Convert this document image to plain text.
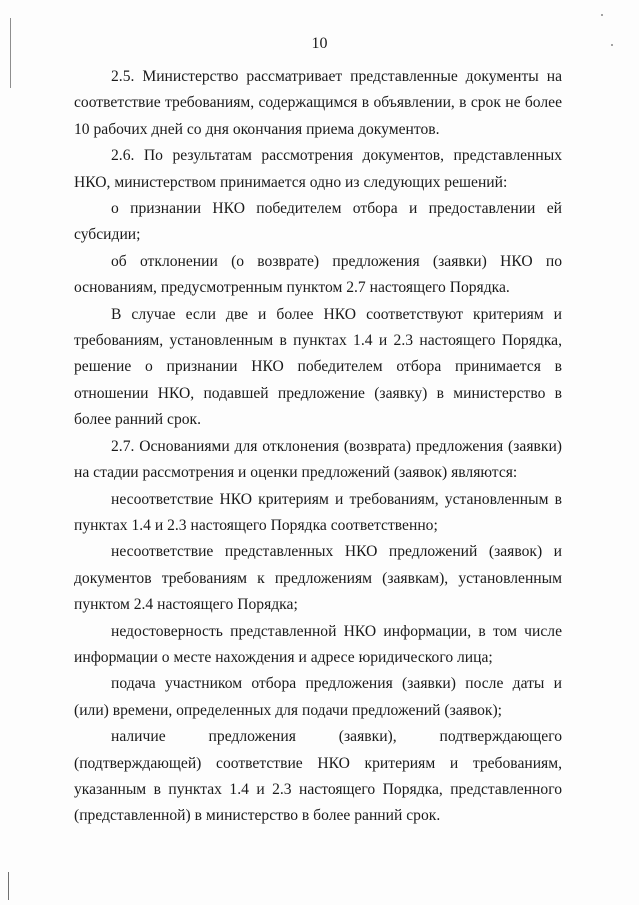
10

2.5. Министерство рассматривает представленные документы на соответствие требованиям, содержащимся в объявлении, в срок не более 10 рабочих дней со дня окончания приема документов.

2.6. По результатам рассмотрения документов, представленных НКО, министерством принимается одно из следующих решений:

о признании НКО победителем отбора и предоставлении ей субсидии;

об отклонении (о возврате) предложения (заявки) НКО по основаниям, предусмотренным пунктом 2.7 настоящего Порядка.

В случае если две и более НКО соответствуют критериям и требованиям, установленным в пунктах 1.4 и 2.3 настоящего Порядка, решение о признании НКО победителем отбора принимается в отношении НКО, подавшей предложение (заявку) в министерство в более ранний срок.

2.7. Основаниями для отклонения (возврата) предложения (заявки) на стадии рассмотрения и оценки предложений (заявок) являются:

несоответствие НКО критериям и требованиям, установленным в пунктах 1.4 и 2.3 настоящего Порядка соответственно;

несоответствие представленных НКО предложений (заявок) и документов требованиям к предложениям (заявкам), установленным пунктом 2.4 настоящего Порядка;

недостоверность представленной НКО информации, в том числе информации о месте нахождения и адресе юридического лица;

подача участником отбора предложения (заявки) после даты и (или) времени, определенных для подачи предложений (заявок);

наличие предложения (заявки), подтверждающего (подтверждающей) соответствие НКО критериям и требованиям, указанным в пунктах 1.4 и 2.3 настоящего Порядка, представленного (представленной) в министерство в более ранний срок.
